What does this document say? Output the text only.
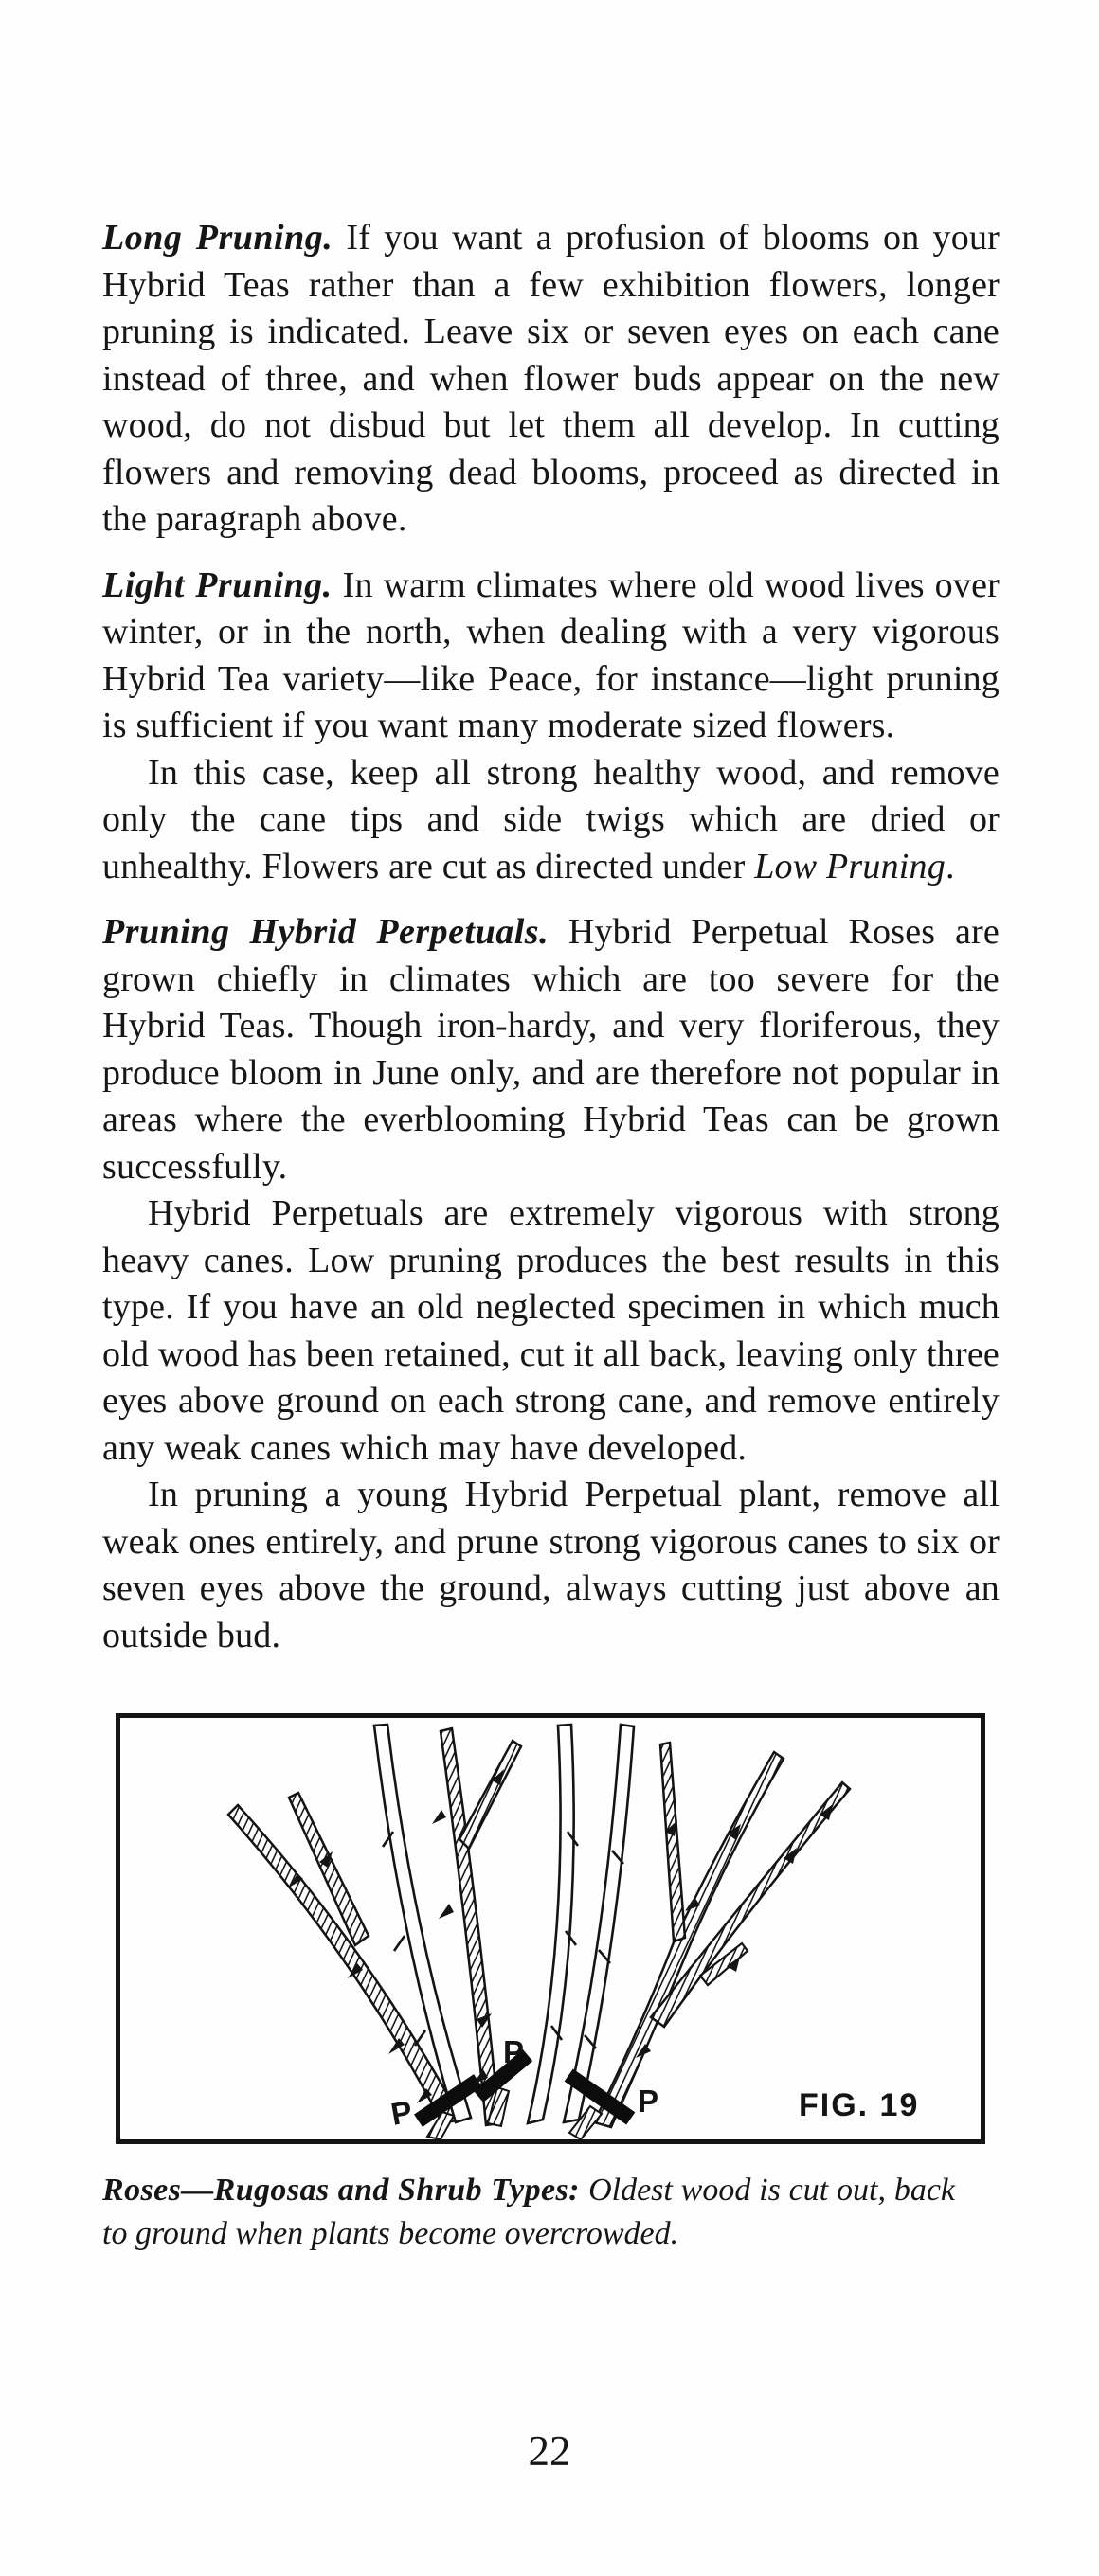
Long Pruning. If you want a profusion of blooms on your Hybrid Teas rather than a few exhibition flowers, longer pruning is indicated. Leave six or seven eyes on each cane instead of three, and when flower buds appear on the new wood, do not disbud but let them all develop. In cutting flowers and removing dead blooms, proceed as directed in the paragraph above.

Light Pruning. In warm climates where old wood lives over winter, or in the north, when dealing with a very vigorous Hybrid Tea variety—like Peace, for instance—light pruning is sufficient if you want many moderate sized flowers.

In this case, keep all strong healthy wood, and remove only the cane tips and side twigs which are dried or unhealthy. Flowers are cut as directed under Low Pruning.

Pruning Hybrid Perpetuals. Hybrid Perpetual Roses are grown chiefly in climates which are too severe for the Hybrid Teas. Though iron-hardy, and very floriferous, they produce bloom in June only, and are therefore not popular in areas where the everblooming Hybrid Teas can be grown successfully.

Hybrid Perpetuals are extremely vigorous with strong heavy canes. Low pruning produces the best results in this type. If you have an old neglected specimen in which much old wood has been retained, cut it all back, leaving only three eyes above ground on each strong cane, and remove entirely any weak canes which may have developed.

In pruning a young Hybrid Perpetual plant, remove all weak ones entirely, and prune strong vigorous canes to six or seven eyes above the ground, always cutting just above an outside bud.

P
P
P	FIG. 19

Roses—Rugosas and Shrub Types: Oldest wood is cut out, back to ground when plants become overcrowded.

22
